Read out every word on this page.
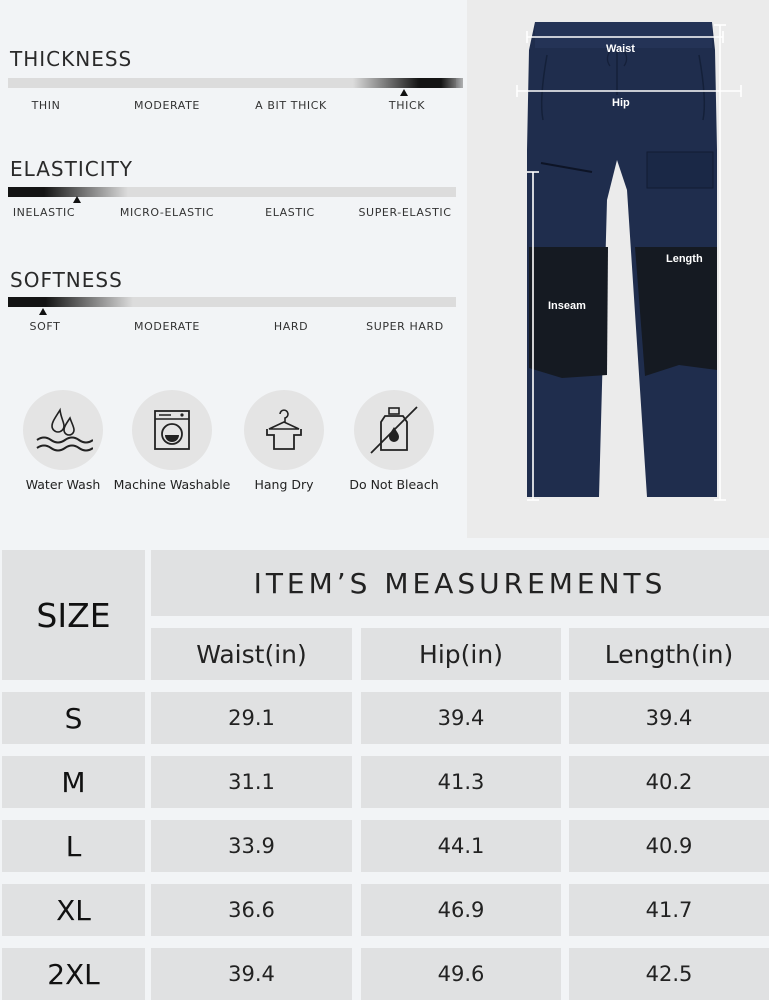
THICKNESS
THIN	MODERATE	A BIT THICK	THICK
ELASTICITY
INELASTIC	MICRO-ELASTIC	ELASTIC	SUPER-ELASTIC
SOFTNESS
SOFT	MODERATE	HARD	SUPER HARD
Water Wash	Machine Washable	Hang Dry	Do Not Bleach
Waist
Hip
Length
Inseam
SIZE
ITEM’S MEASUREMENTS
Waist(in)	Hip(in)	Length(in)
S	29.1	39.4	39.4
M	31.1	41.3	40.2
L	33.9	44.1	40.9
XL	36.6	46.9	41.7
2XL	39.4	49.6	42.5
